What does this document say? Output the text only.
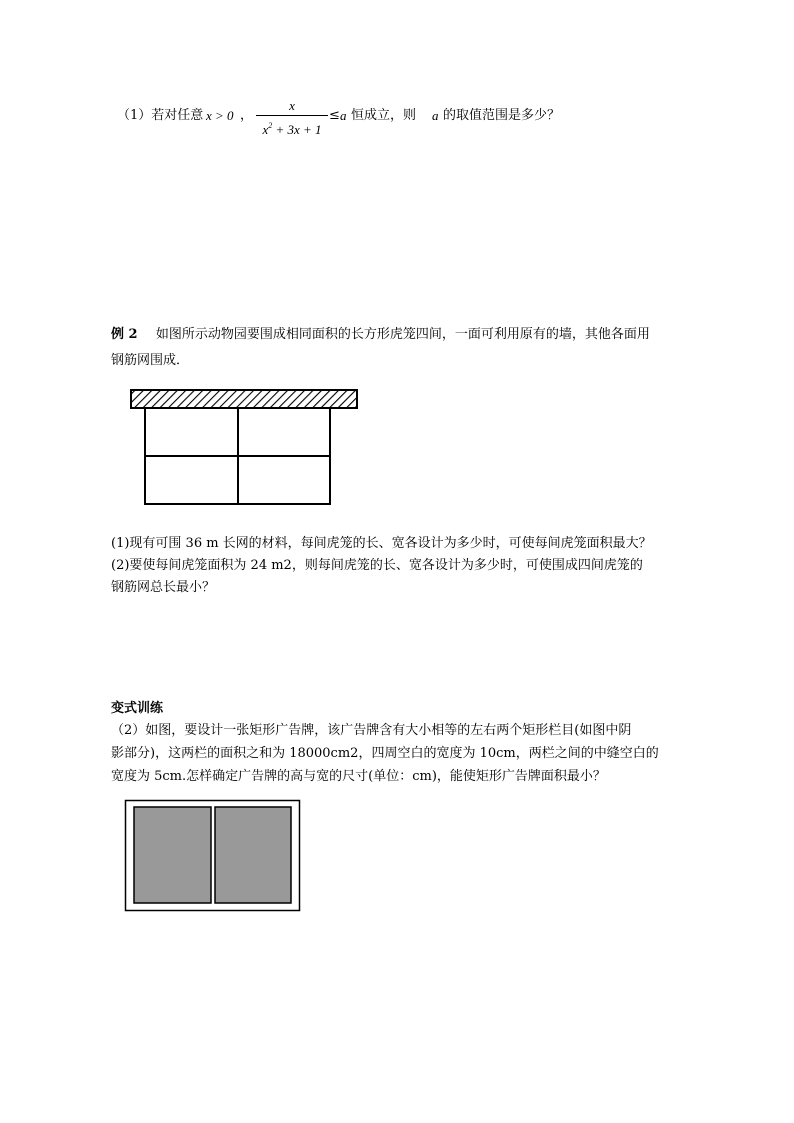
（1）若对任意 x > 0 ，
x
$x^2 + 3x + 1$
≤ a 恒成立，则 a 的取值范围是多少？
例 2 如图所示动物园要围成相同面积的长方形虎笼四间，一面可利用原有的墙，其他各面用
钢筋网围成．
(1)现有可围 36 m 长网的材料，每间虎笼的长、宽各设计为多少时，可使每间虎笼面积最大？
(2)要使每间虎笼面积为 24 m2，则每间虎笼的长、宽各设计为多少时，可使围成四间虎笼的
钢筋网总长最小？
变式训练
（2）如图，要设计一张矩形广告牌，该广告牌含有大小相等的左右两个矩形栏目(如图中阴
影部分)，这两栏的面积之和为 18000cm2，四周空白的宽度为 10cm，两栏之间的中缝空白的
宽度为 5cm.怎样确定广告牌的高与宽的尺寸(单位：cm)，能使矩形广告牌面积最小？
